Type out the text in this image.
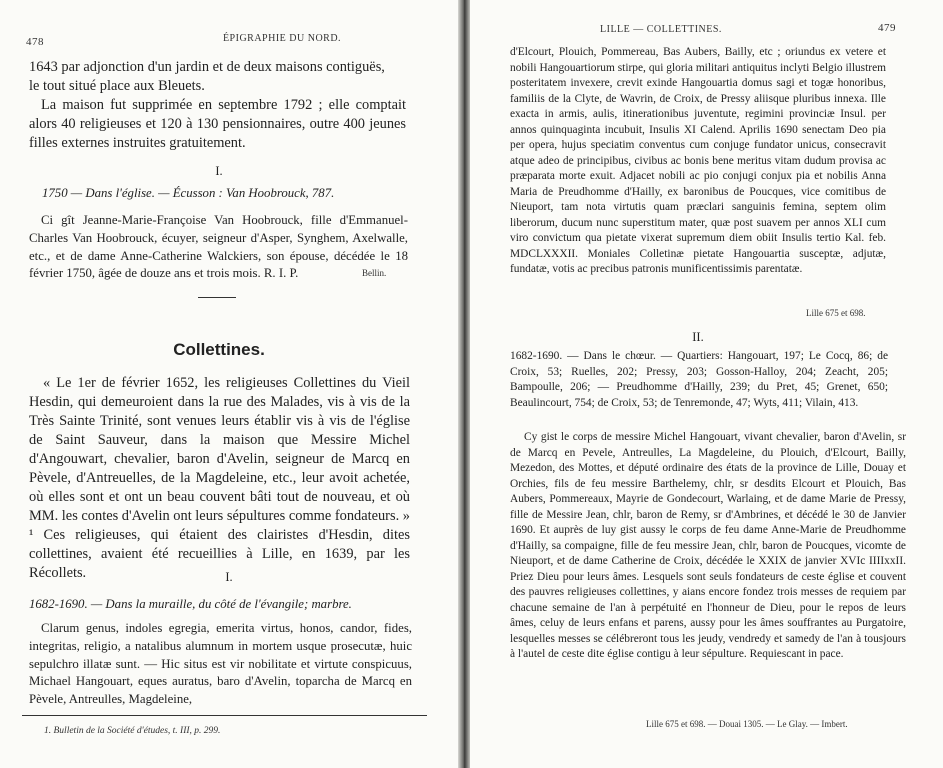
478	ÉPIGRAPHIE DU NORD.
1643 par adjonction d'un jardin et de deux maisons contiguës,
le tout situé place aux Bleuets.

La maison fut supprimée en septembre 1792 ; elle comptait alors 40 religieuses et 120 à 130 pensionnaires, outre 400 jeunes filles externes instruites gratuitement.

I.
1750 — Dans l'église. — Écusson : Van Hoobrouck, 787.

Ci gît Jeanne-Marie-Françoise Van Hoobrouck, fille d'Emmanuel-Charles Van Hoobrouck, écuyer, seigneur d'Asper, Synghem, Axelwalle, etc., et de dame Anne-Catherine Walckiers, son épouse, décédée le 18 février 1750, âgée de douze ans et trois mois. R. I. P.	Bellin.
Collettines.

« Le 1er de février 1652, les religieuses Collettines du Vieil Hesdin, qui demeuroient dans la rue des Malades, vis à vis de la Très Sainte Trinité, sont venues leurs établir vis à vis de l'église de Saint Sauveur, dans la maison que Messire Michel d'Angouwart, chevalier, baron d'Avelin, seigneur de Marcq en Pèvele, d'Antreuelles, de la Magdeleine, etc., leur avoit achetée, où elles sont et ont un beau couvent bâti tout de nouveau, et où MM. les contes d'Avelin ont leurs sépultures comme fondateurs. » ¹ Ces religieuses, qui étaient des clairistes d'Hesdin, dites collettines, avaient été recueillies à Lille, en 1639, par les Récollets.	I.
1682-1690. — Dans la muraille, du côté de l'évangile; marbre.

Clarum genus, indoles egregia, emerita virtus, honos, candor, fides, integritas, religio, a natalibus alumnum in mortem usque prosecutæ, huic sepulchro illatæ sunt. — Hic situs est vir nobilitate et virtute conspicuus, Michael Hangouart, eques auratus, baro d'Avelin, toparcha de Marcq en Pèvele, Antreulles, Magdeleine,

1. Bulletin de la Société d'études, t. III, p. 299.
LILLE — COLLETTINES.	479

d'Elcourt, Plouich, Pommereau, Bas Aubers, Bailly, etc ; oriundus ex vetere et nobili Hangouartiorum stirpe, qui gloria militari antiquitus inclyti Belgio illustrem posteritatem invexere, crevit exinde Hangouartia domus sagi et togæ honoribus, familiis de la Clyte, de Wavrin, de Croix, de Pressy aliisque pluribus innexa. Ille exacta in armis, aulis, itinerationibus juventute, regimini provinciæ Insul. per annos quinquaginta incubuit, Insulis XI Calend. Aprilis 1690 senectam Deo pia per opera, hujus speciatim conventus cum conjuge fundator unicus, consecravit atque adeo de principibus, civibus ac bonis bene meritus vitam dudum provisa ac præparata morte exuit. Adjacet nobili ac pio conjugi conjux pia et nobilis Anna Maria de Preudhomme d'Hailly, ex baronibus de Poucques, vice comitibus de Nieuport, tam nota virtutis quam præclari sanguinis femina, septem olim liberorum, ducum nunc superstitum mater, quæ post suavem per annos XLI cum viro convictum qua pietate vixerat supremum diem obiit Insulis tertio Kal. feb. MDCLXXXII. Moniales Colletinæ pietate Hangouartia susceptæ, adjutæ, fundatæ, votis ac precibus patronis munificentissimis parentatæ.

Lille 675 et 698.
II.

1682-1690. — Dans le chœur. — Quartiers: Hangouart, 197; Le Cocq, 86; de Croix, 53; Ruelles, 202; Pressy, 203; Gosson-Halloy, 204; Zeacht, 205; Bampoulle, 206; — Preudhomme d'Hailly, 239; du Pret, 45; Grenet, 650; Beaulincourt, 754; de Croix, 53; de Tenremonde, 47; Wyts, 411; Vilain, 413.

Cy gist le corps de messire Michel Hangouart, vivant chevalier, baron d'Avelin, sr de Marcq en Pevele, Antreulles, La Magdeleine, du Plouich, d'Elcourt, Bailly, Mezedon, des Mottes, et député ordinaire des états de la province de Lille, Douay et Orchies, fils de feu messire Barthelemy, chlr, sr desdits Elcourt et Plouich, Bas Aubers, Pommereaux, Mayrie de Gondecourt, Warlaing, et de dame Marie de Pressy, fille de Messire Jean, chlr, baron de Remy, sr d'Ambrines, et décédé le 30 de Janvier 1690. Et auprès de luy gist aussy le corps de feu dame Anne-Marie de Preudhomme d'Hailly, sa compaigne, fille de feu messire Jean, chlr, baron de Poucques, vicomte de Nieuport, et de dame Catherine de Croix, décédée le XXIX de janvier XVIc IIIIxxII. Priez Dieu pour leurs âmes. Lesquels sont seuls fondateurs de ceste église et couvent des pauvres religieuses collettines, y aians encore fondez trois messes de requiem par chacune semaine de l'an à perpétuité en l'honneur de Dieu, pour le repos de leurs âmes, celuy de leurs enfans et parens, aussy pour les âmes souffrantes au Purgatoire, lesquelles messes se célébreront tous les jeudy, vendredy et samedy de l'an à tousjours à l'autel de ceste dite église contigu à leur sépulture. Requiescant in pace.

Lille 675 et 698. — Douai 1305. — Le Glay. — Imbert.
